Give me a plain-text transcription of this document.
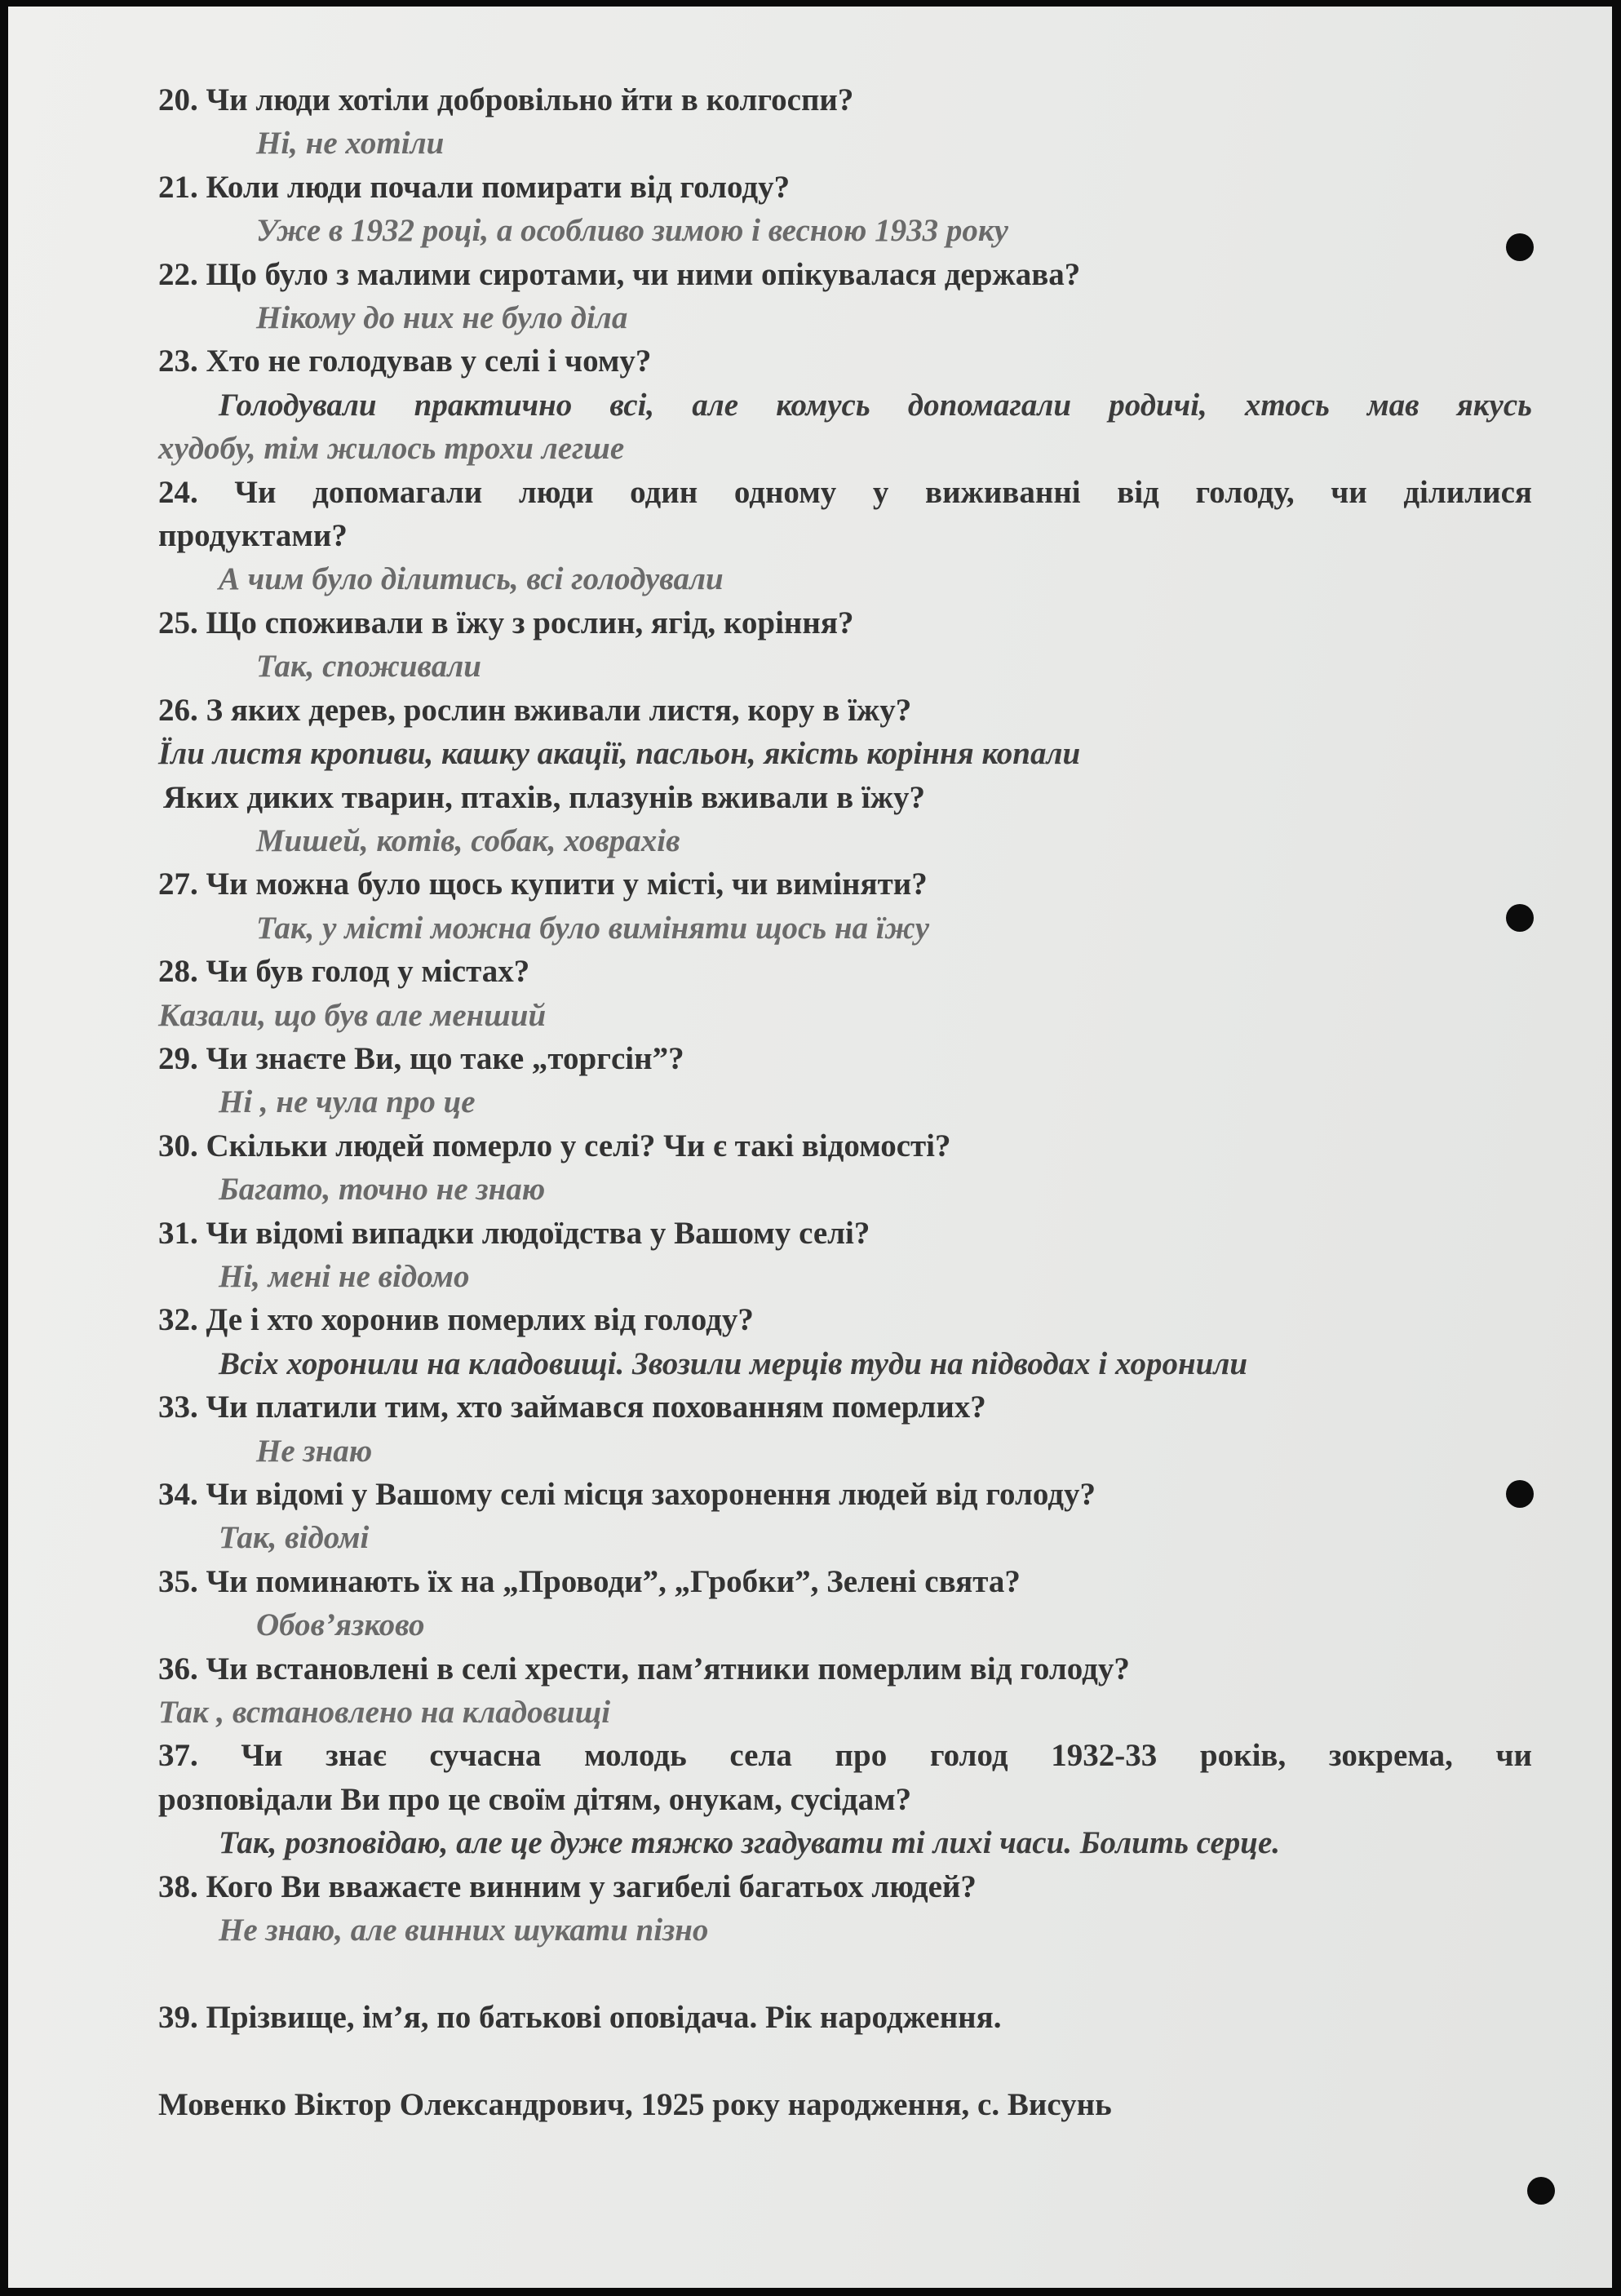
20. Чи люди хотіли добровільно йти в колгоспи?
Ні, не хотіли
21. Коли люди почали помирати від голоду?
Уже в 1932 році, а особливо зимою і весною 1933 року
22. Що було з малими сиротами, чи ними опікувалася держава?
Нікому до них не було діла
23. Хто не голодував у селі і чому?
Голодували практично всі, але комусь допомагали родичі, хтось мав якусь
худобу, тім жилось трохи легше
24. Чи допомагали люди один одному у виживанні від голоду, чи ділилися
продуктами?
А чим було ділитись, всі голодували
25. Що споживали в їжу з рослин, ягід, коріння?
Так, споживали
26. З яких дерев, рослин вживали листя, кору в їжу?
Їли листя кропиви, кашку акації, пасльон, якість коріння копали
Яких диких тварин, птахів, плазунів вживали в їжу?
Мишей, котів, собак, ховрахів
27. Чи можна було щось купити у місті, чи виміняти?
Так, у місті можна було виміняти щось на їжу
28. Чи був голод у містах?
Казали, що був але менший
29. Чи знаєте Ви, що таке „торгсін”?
Ні , не чула про це
30. Скільки людей померло у селі? Чи є такі відомості?
Багато, точно не знаю
31. Чи відомі випадки людоїдства у Вашому селі?
Ні, мені не відомо
32. Де і хто хоронив померлих від голоду?
Всіх хоронили на кладовищі. Звозили мерців туди на підводах і хоронили
33. Чи платили тим, хто займався похованням померлих?
Не знаю
34. Чи відомі у Вашому селі місця захоронення людей від голоду?
Так, відомі
35. Чи поминають їх на „Проводи”, „Гробки”, Зелені свята?
Обов’язково
36. Чи встановлені в селі хрести, пам’ятники померлим від голоду?
Так , встановлено на кладовищі
37. Чи знає сучасна молодь села про голод 1932-33 років, зокрема, чи
розповідали Ви про це своїм дітям, онукам, сусідам?
Так, розповідаю, але це дуже тяжко згадувати ті лихі часи. Болить серце.
38. Кого Ви вважаєте винним у загибелі багатьох людей?
Не знаю, але винних шукати пізно
39. Прізвище, ім’я, по батькові оповідача. Рік народження.
Мовенко Віктор Олександрович, 1925 року народження, с. Висунь
